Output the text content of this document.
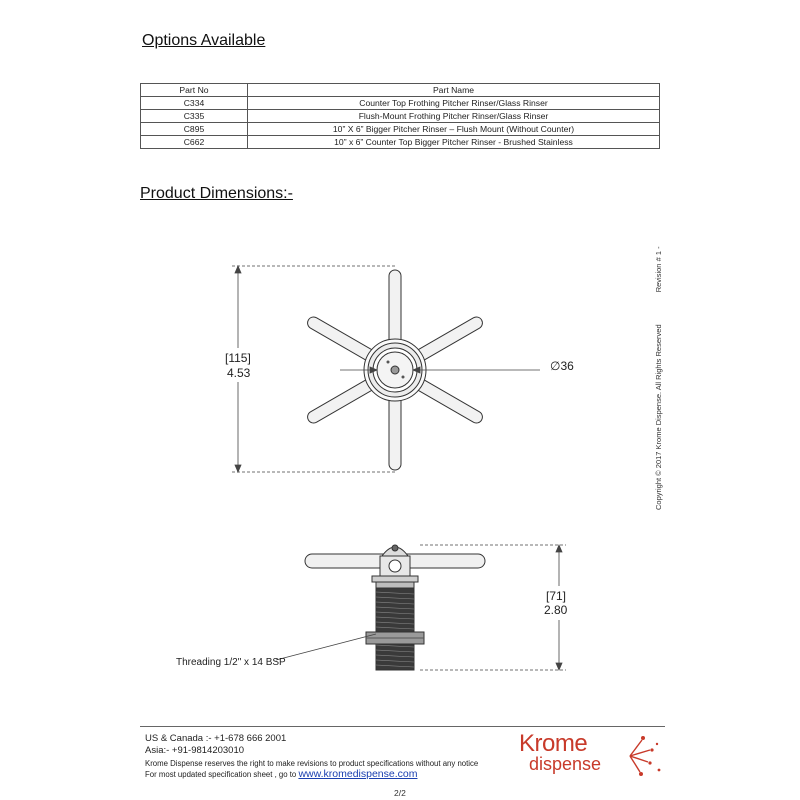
Options Available
Part No	Part Name
C334	Counter Top Frothing Pitcher Rinser/Glass Rinser
C335	Flush-Mount Frothing Pitcher Rinser/Glass Rinser
C895	10” X 6” Bigger Pitcher Rinser – Flush Mount (Without Counter)
C662	10” x 6” Counter Top Bigger Pitcher Rinser - Brushed Stainless
Product Dimensions:-
[115]
4.53	∅36
[71]
2.80
Threading 1/2" x 14 BSP
Copyright © 2017 Krome Dispense. All Rights Reserved Revision # 1 -
US & Canada :- +1-678 666 2001
Asia:- +91-9814203010
Krome Dispense reserves the right to make revisions to product specifications without any notice
For most updated specification sheet , go to www.kromedispense.com
2/2
Krome
dispense
